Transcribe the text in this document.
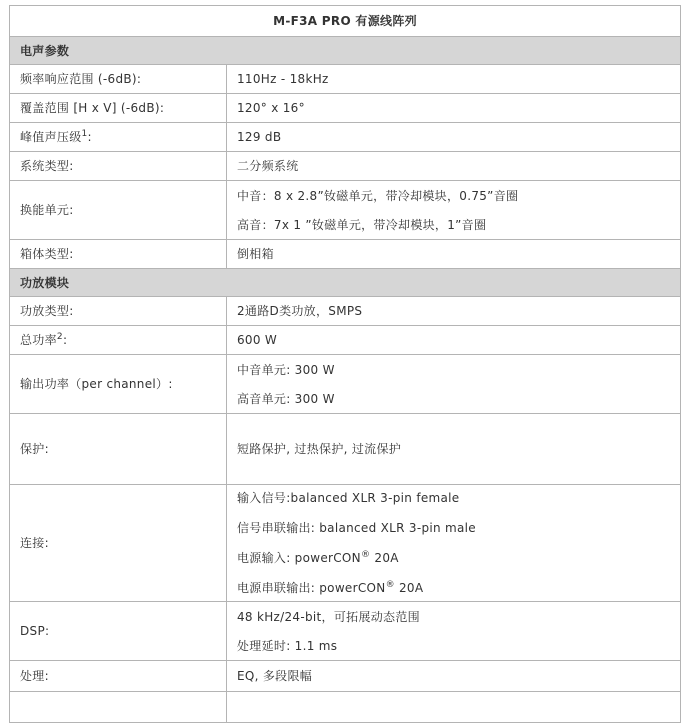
M-F3A PRO 有源线阵列	
电声参数	
频率响应范围 (-6dB):	110Hz - 18kHz
覆盖范围 [H x V] (-6dB):	120° x 16°
峰值声压级$^1$:	129 dB
系统类型:	二分频系统
换能单元:	中音：8 x 2.8”钕磁单元，带冷却模块，0.75”音圈
高音：7x 1 ”钕磁单元，带冷却模块，1”音圈

箱体类型:	倒相箱
功放模块	
功放类型:	2通路D类功放，SMPS
总功率$^2$:	600 W
输出功率（per channel）:	中音单元: 300 W
高音单元: 300 W

保护:	短路保护, 过热保护, 过流保护
连接:	输入信号:balanced XLR 3-pin female
信号串联输出: balanced XLR 3-pin male
电源输入: powerCON® 20A
电源串联输出: powerCON® 20A

DSP:	48 kHz/24-bit，可拓展动态范围
处理延时: 1.1 ms

处理:	EQ, 多段限幅
